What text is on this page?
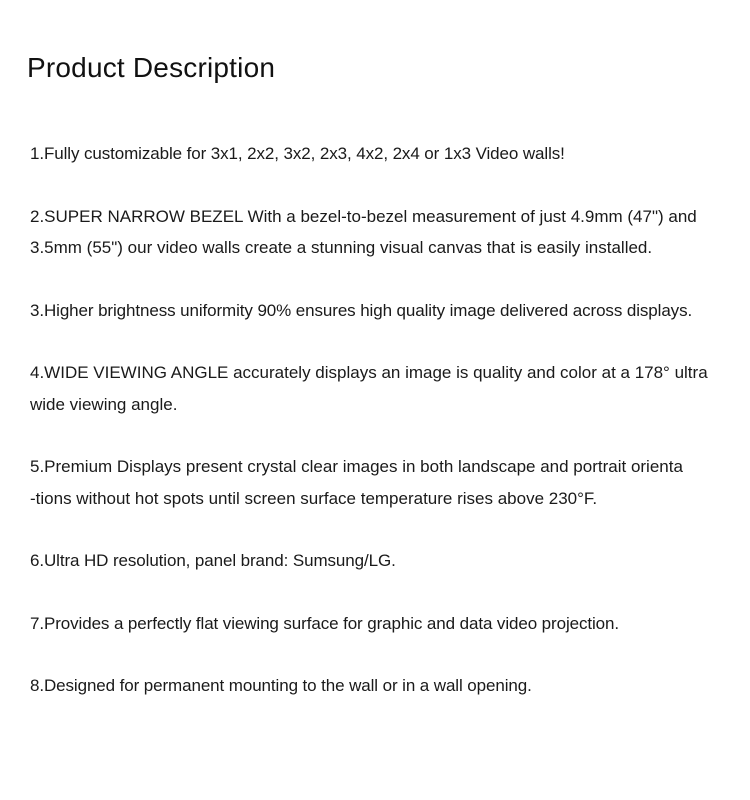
Product Description
1.Fully customizable for 3x1, 2x2, 3x2, 2x3, 4x2, 2x4 or 1x3 Video walls!
2.SUPER NARROW BEZEL With a bezel-to-bezel measurement of just 4.9mm (47") and
3.5mm (55") our video walls create a stunning visual canvas that is easily installed.
3.Higher brightness uniformity 90% ensures high quality image delivered across displays.
4.WIDE VIEWING ANGLE accurately displays an image is quality and color at a 178° ultra
wide viewing angle.
5.Premium Displays present crystal clear images in both landscape and portrait orienta
-tions without hot spots until screen surface temperature rises above 230°F.
6.Ultra HD resolution, panel brand: Sumsung/LG.
7.Provides a perfectly flat viewing surface for graphic and data video projection.
8.Designed for permanent mounting to the wall or in a wall opening.
